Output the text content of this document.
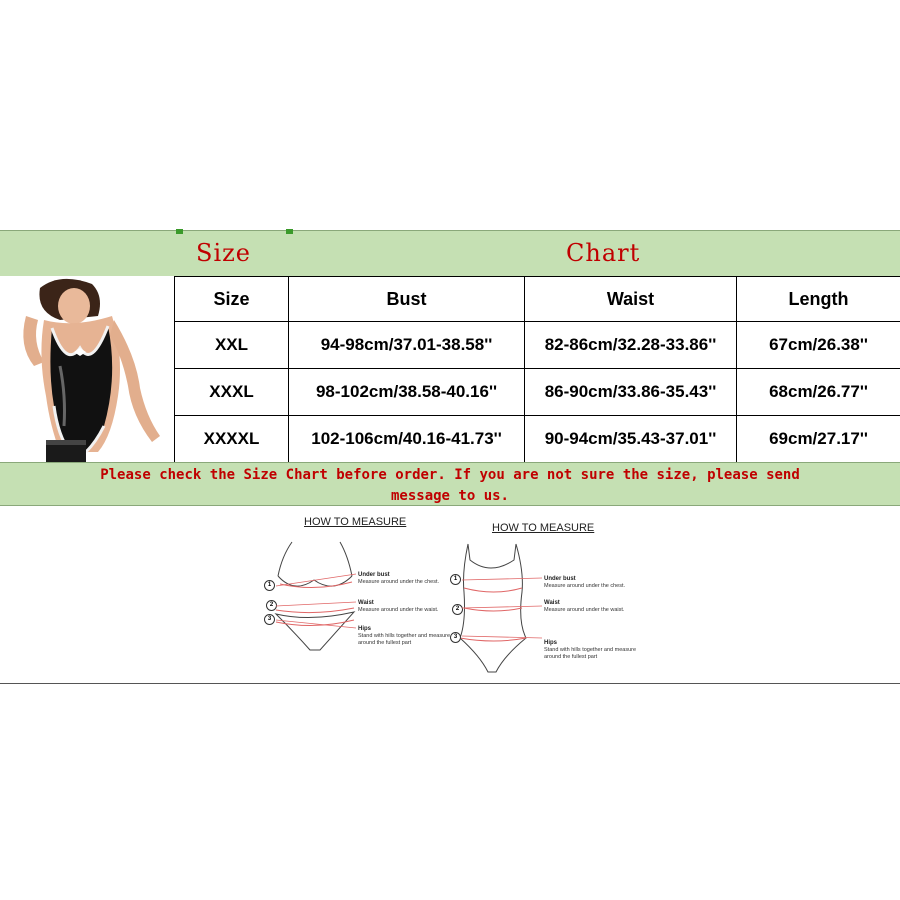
Size	Chart
Size	Bust	Waist	Length
XXL	94-98cm/37.01-38.58''	82-86cm/32.28-33.86''	67cm/26.38''
XXXL	98-102cm/38.58-40.16''	86-90cm/33.86-35.43''	68cm/26.77''
XXXXL	102-106cm/40.16-41.73''	90-94cm/35.43-37.01''	69cm/27.17''
Please check the Size Chart before order. If you are not sure the size, please send
message to us.
HOW TO MEASURE
1
2
3
Under bust
Measure around under the chest.
Waist
Measure around under the waist.
Hips
Stand with hills together and measure around the fullest part
HOW TO MEASURE
1
2
3
Under bust
Measure around under the chest.
Waist
Measure around under the waist.
Hips
Stand with hills together and measure around the fullest part
